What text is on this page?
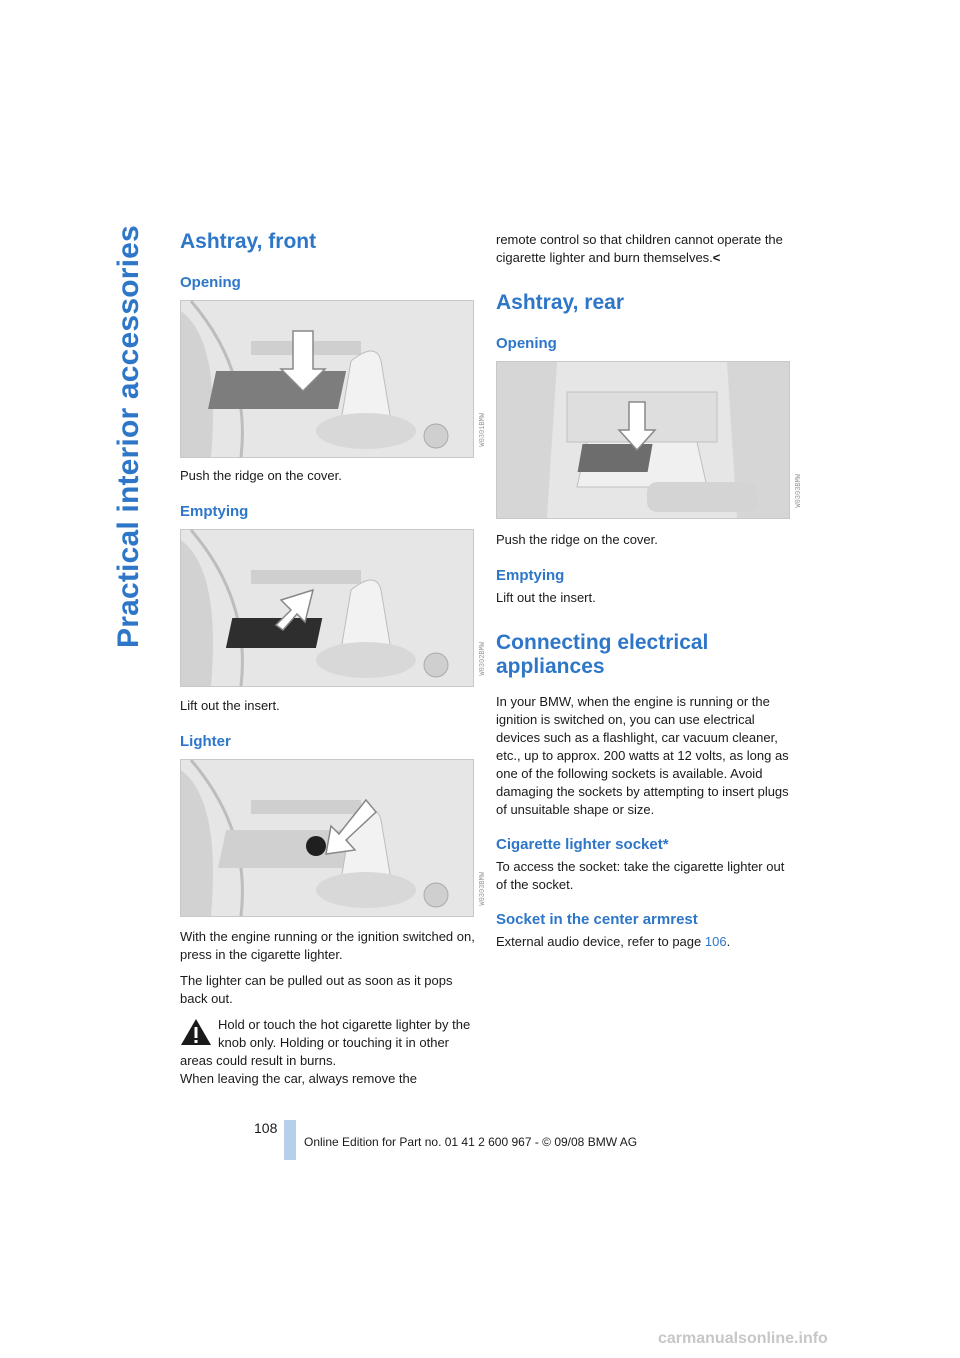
Practical interior accessories Ashtray, front
Opening
W0301BMW

Push the ridge on the cover.

Emptying
W0302BMW

Lift out the insert.

Lighter
W0303BMW

With the engine running or the ignition switched on, press in the cigarette lighter.

The lighter can be pulled out as soon as it pops back out.

Hold or touch the hot cigarette lighter by the knob only. Holding or touching it in other areas could result in burns.

When leaving the car, always remove the

remote control so that children cannot operate the cigarette lighter and burn themselves.<

Ashtray, rear
Opening
W0303BMW

Push the ridge on the cover.

Emptying

Lift out the insert.

Connecting electrical appliances

In your BMW, when the engine is running or the ignition is switched on, you can use electrical devices such as a flashlight, car vacuum cleaner, etc., up to approx. 200 watts at 12 volts, as long as one of the following sockets is available. Avoid damaging the sockets by attempting to insert plugs of unsuitable shape or size.

Cigarette lighter socket*

To access the socket: take the cigarette lighter out of the socket.

Socket in the center armrest

External audio device, refer to page 106.

108
Online Edition for Part no. 01 41 2 600 967 - © 09/08 BMW AG
carmanualsonline.info
